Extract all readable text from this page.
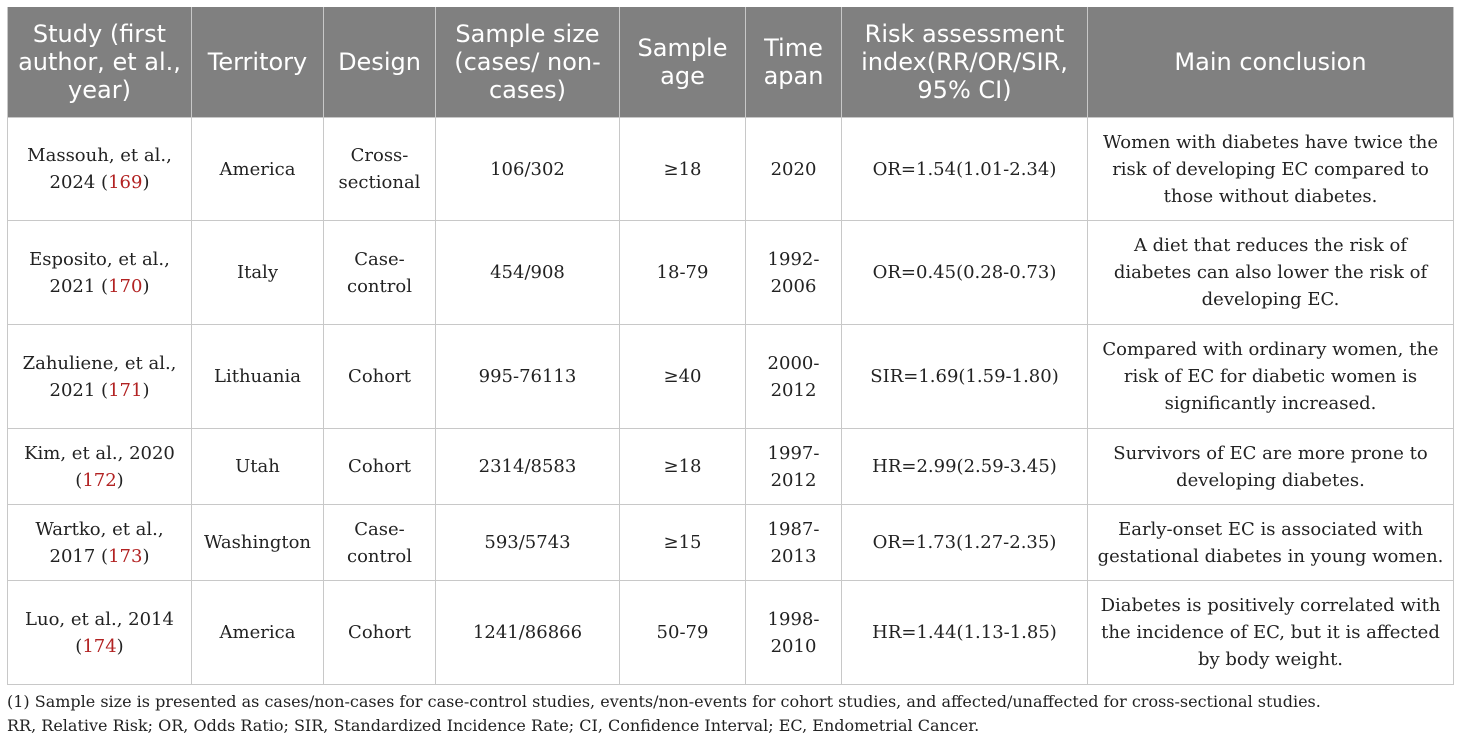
Study (first author, et al., year)	Territory	Design	Sample size (cases/ non-cases)	Sample age	Time apan	Risk assessment index(RR/OR/SIR, 95% CI)	Main conclusion
Massouh, et al., 2024 (169)	America	Cross-sectional	106/302	≥18	2020	OR=1.54(1.01-2.34)	Women with diabetes have twice the risk of developing EC compared to those without diabetes.
Esposito, et al., 2021 (170)	Italy	Case-control	454/908	18-79	1992-2006	OR=0.45(0.28-0.73)	A diet that reduces the risk of diabetes can also lower the risk of developing EC.
Zahuliene, et al., 2021 (171)	Lithuania	Cohort	995-76113	≥40	2000-2012	SIR=1.69(1.59-1.80)	Compared with ordinary women, the risk of EC for diabetic women is significantly increased.
Kim, et al., 2020 (172)	Utah	Cohort	2314/8583	≥18	1997-2012	HR=2.99(2.59-3.45)	Survivors of EC are more prone to developing diabetes.
Wartko, et al., 2017 (173)	Washington	Case-control	593/5743	≥15	1987-2013	OR=1.73(1.27-2.35)	Early-onset EC is associated with gestational diabetes in young women.
Luo, et al., 2014 (174)	America	Cohort	1241/86866	50-79	1998-2010	HR=1.44(1.13-1.85)	Diabetes is positively correlated with the incidence of EC, but it is affected by body weight.
(1) Sample size is presented as cases/non-cases for case-control studies, events/non-events for cohort studies, and affected/unaffected for cross-sectional studies.
RR, Relative Risk; OR, Odds Ratio; SIR, Standardized Incidence Rate; CI, Confidence Interval; EC, Endometrial Cancer.
